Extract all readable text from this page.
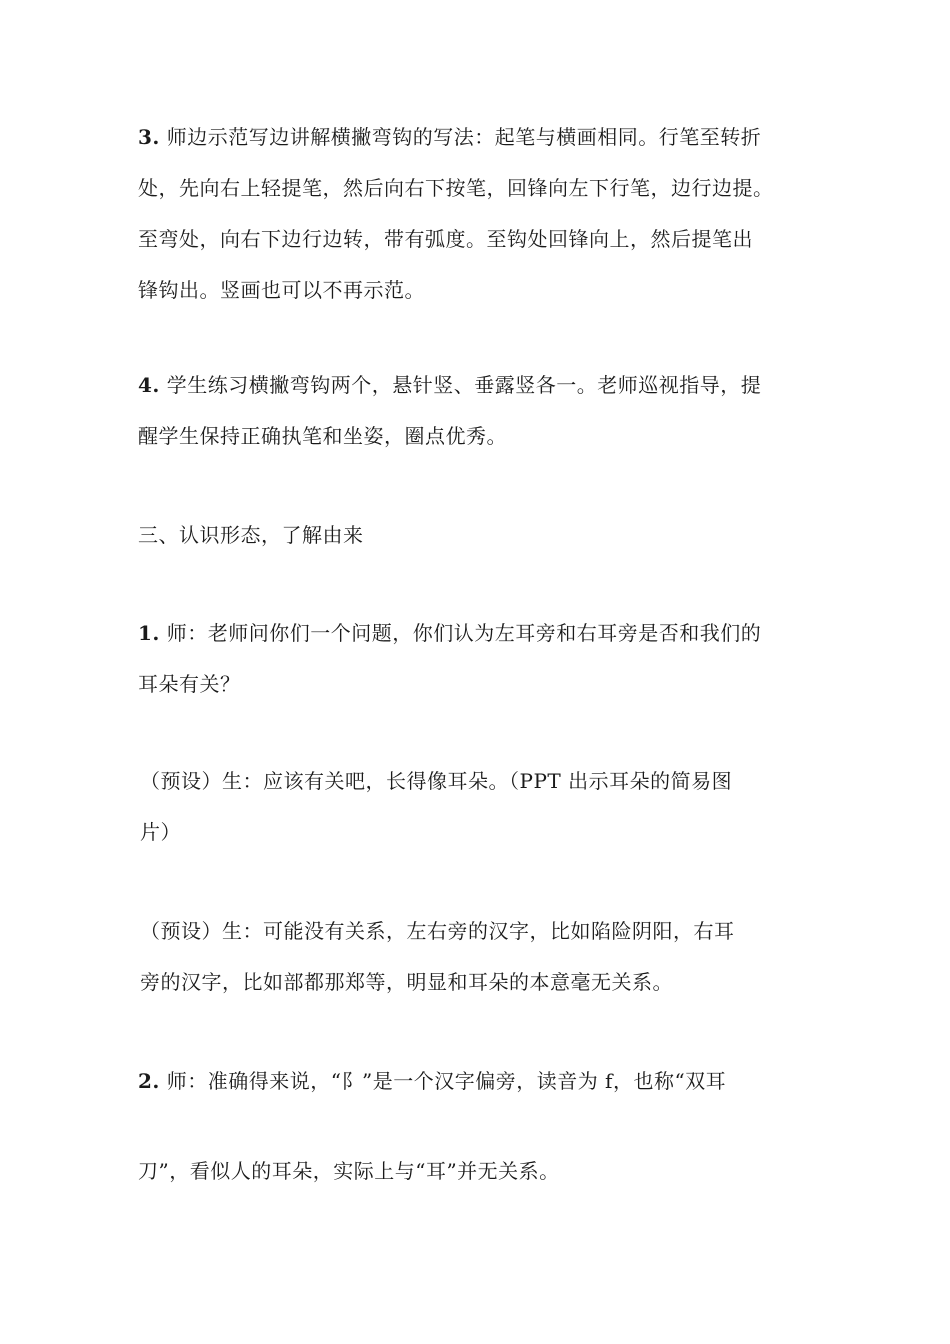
3. 师边示范写边讲解横撇弯钩的写法：起笔与横画相同。行笔至转折
处，先向右上轻提笔，然后向右下按笔，回锋向左下行笔，边行边提。
至弯处，向右下边行边转，带有弧度。至钩处回锋向上，然后提笔出
锋钩出。竖画也可以不再示范。

4. 学生练习横撇弯钩两个，悬针竖、垂露竖各一。老师巡视指导，提
醒学生保持正确执笔和坐姿，圈点优秀。

三、认识形态，了解由来

1. 师：老师问你们一个问题，你们认为左耳旁和右耳旁是否和我们的
耳朵有关？

（预设）生：应该有关吧，长得像耳朵。（PPT 出示耳朵的简易图
片）

（预设）生：可能没有关系，左右旁的汉字，比如陷险阴阳，右耳
旁的汉字，比如部都那郑等，明显和耳朵的本意毫无关系。

2. 师：准确得来说，“阝”是一个汉字偏旁，读音为 f，也称“双耳
刀”，看似人的耳朵，实际上与“耳”并无关系。
